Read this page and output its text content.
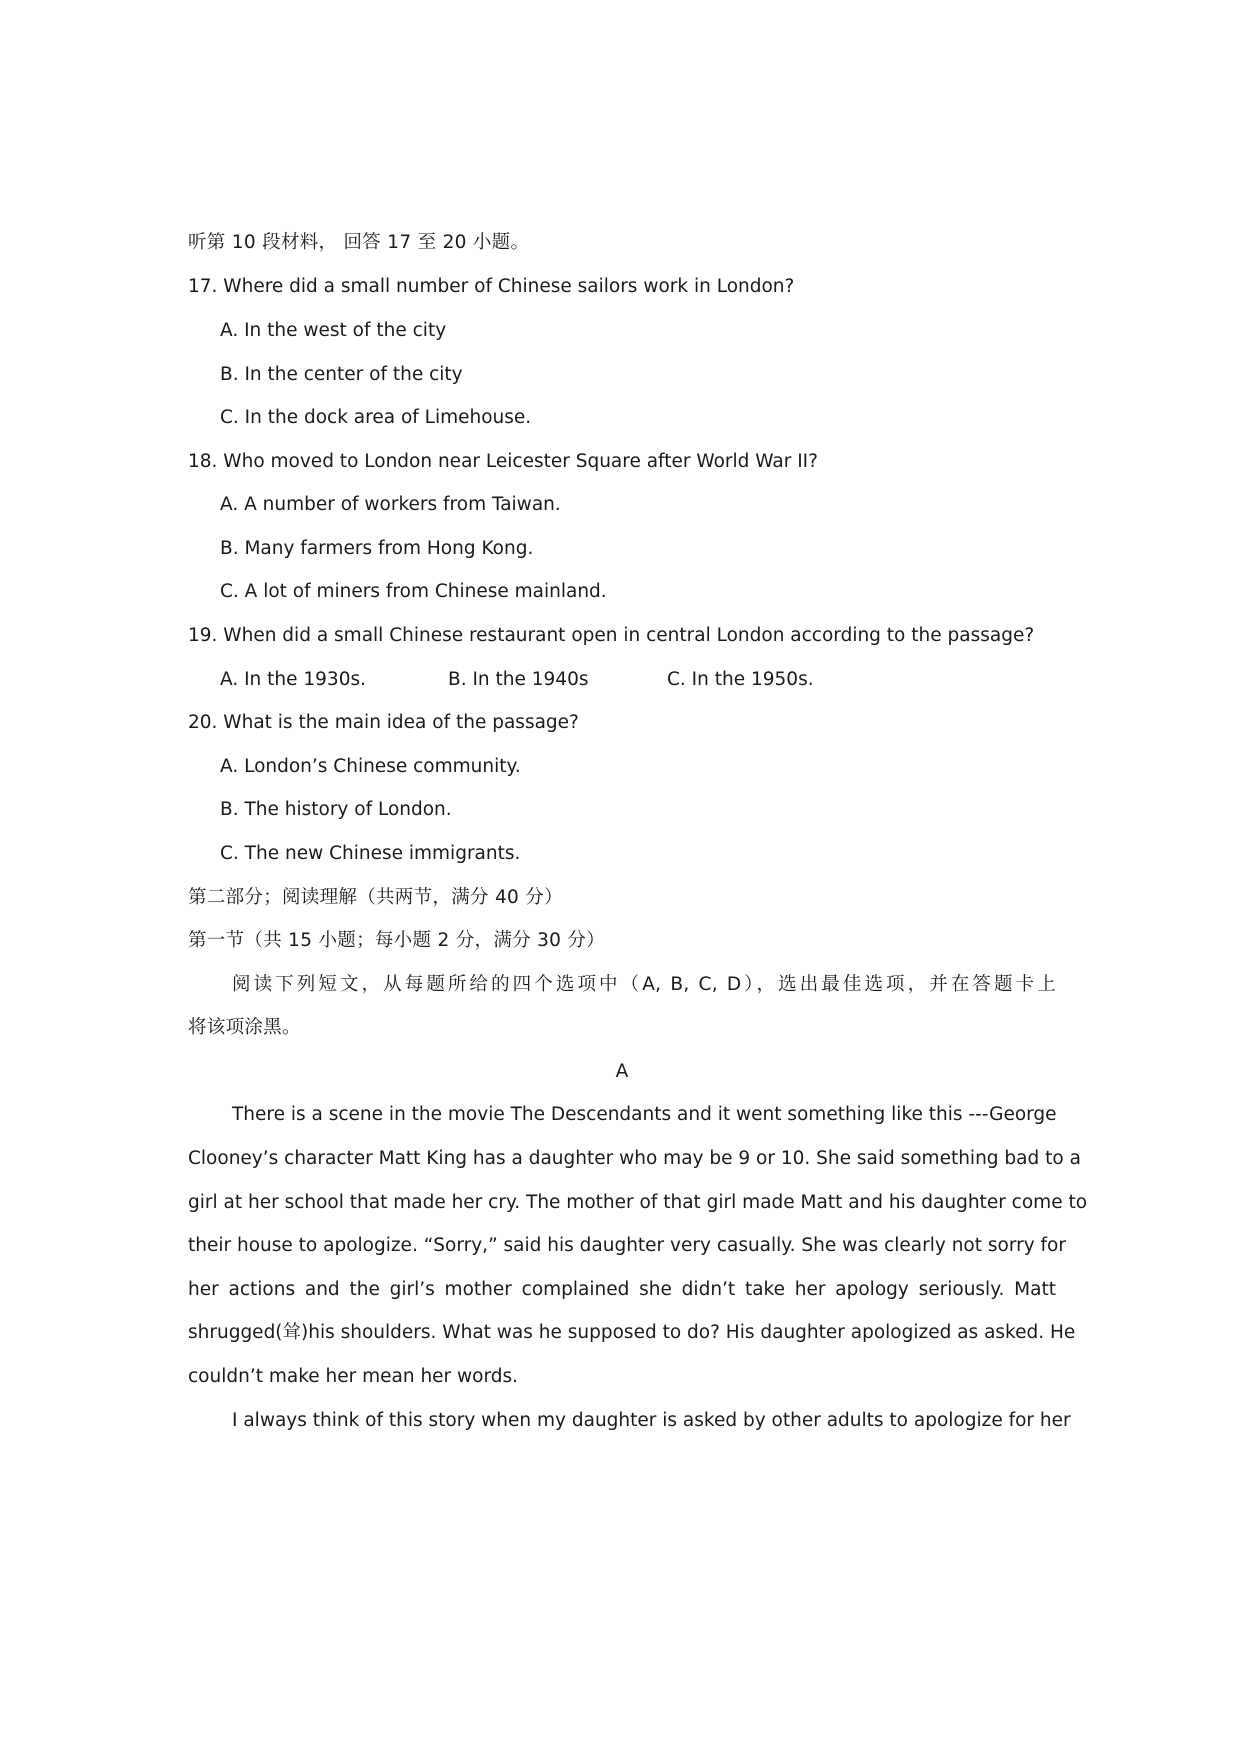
听第 10 段材料， 回答 17 至 20 小题。
17. Where did a small number of Chinese sailors work in London?
A. In the west of the city
B. In the center of the city
C. In the dock area of Limehouse.
18. Who moved to London near Leicester Square after World War II?
A. A number of workers from Taiwan.
B. Many farmers from Hong Kong.
C. A lot of miners from Chinese mainland.
19. When did a small Chinese restaurant open in central London according to the passage?
A. In the 1930s.	B. In the 1940s	C. In the 1950s.
20. What is the main idea of the passage?
A. London’s Chinese community.
B. The history of London.
C. The new Chinese immigrants.
第二部分；阅读理解（共两节，满分 40 分）
第一节（共 15 小题；每小题 2 分，满分 30 分）
阅读下列短文，从每题所给的四个选项中（A, B, C, D），选出最佳选项，并在答题卡上
将该项涂黑。
A
There is a scene in the movie The Descendants and it went something like this ---George
Clooney’s character Matt King has a daughter who may be 9 or 10. She said something bad to a
girl at her school that made her cry. The mother of that girl made Matt and his daughter come to
their house to apologize. “Sorry,” said his daughter very casually. She was clearly not sorry for
her actions and the girl’s mother complained she didn’t take her apology seriously. Matt
shrugged(耸)his shoulders. What was he supposed to do? His daughter apologized as asked. He
couldn’t make her mean her words.
I always think of this story when my daughter is asked by other adults to apologize for her
